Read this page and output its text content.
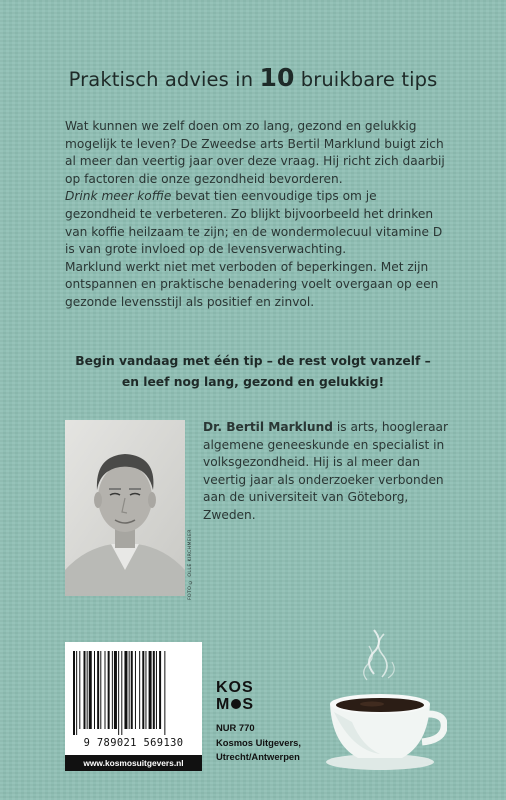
Praktisch advies in 10 bruikbare tips

Wat kunnen we zelf doen om zo lang, gezond en gelukkig mogelijk te leven? De Zweedse arts Bertil Marklund buigt zich al meer dan veertig jaar over deze vraag. Hij richt zich daarbij op factoren die onze gezondheid bevorderen.

Drink meer koffie bevat tien eenvoudige tips om je gezondheid te verbeteren. Zo blijkt bijvoorbeeld het drinken van koffie heilzaam te zijn; en de wondermolecuul vitamine D is van grote invloed op de levensverwachting.

Marklund werkt niet met verboden of beperkingen. Met zijn ontspannen en praktische benadering voelt overgaan op een gezonde levensstijl als positief en zinvol.

Begin vandaag met één tip – de rest volgt vanzelf –
en leef nog lang, gezond en gelukkig!
FOTO © OLLE KIRCHMEIER
Dr. Bertil Marklund is arts, hoogleraar algemene geneeskunde en specialist in volksgezondheid. Hij is al meer dan veertig jaar als onderzoeker verbonden aan de universiteit van Göteborg, Zweden.
9 789021 569130
www.kosmosuitgevers.nl
KOS
M S
NUR 770
Kosmos Uitgevers,
Utrecht/Antwerpen
